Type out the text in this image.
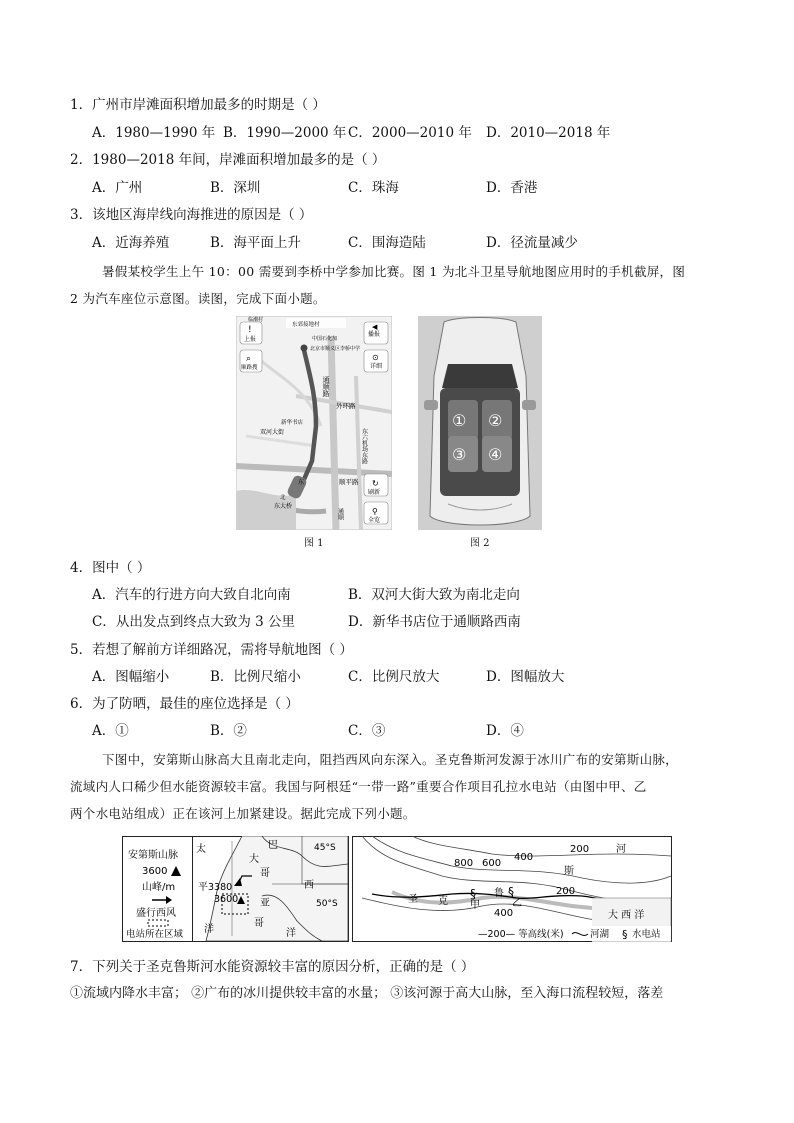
1．广州市岸滩面积增加最多的时期是（ ）
A．1980—1990 年 B．1990—2000 年 C．2000—2010 年 D．2010—2018 年
2．1980—2018 年间，岸滩面积增加最多的是（ ）
A．广州	B．深圳	C．珠海	D．香港
3．该地区海岸线向海推进的原因是（ ）
A．近海养殖	B．海平面上升	C．围海造陆	D．径流量减少
暑假某校学生上午 10：00 需要到李桥中学参加比赛。图 1 为北斗卫星导航地图应用时的手机截屏，图
2 为汽车座位示意图。读图，完成下面小题。
临潮村
上报
!
⌕
顺路搜
东郊接地村
中国石化加
北京市顺义区李桥中学
播报
◀
详细
⊙
通顺路
外环路
新华书店
双河大街	东六机场东路
顺平路
东
北
东大桥
通顺
↻
刷新
⚲
全览
图 1
① ②
③ ④
图 2
4．图中（ ）
A．汽车的行进方向大致自北向南	B．双河大街大致为南北走向
C．从出发点到终点大致为 3 公里	D．新华书店位于通顺路西南
5．若想了解前方详细路况，需将导航地图（ ）
A．图幅缩小	B．比例尺缩小	C．比例尺放大	D．图幅放大
6．为了防晒，最佳的座位选择是（ ）
A．①	B．②	C．③	D．④
下图中，安第斯山脉高大且南北走向，阻挡西风向东深入。圣克鲁斯河发源于冰川广布的安第斯山脉，
流域内人口稀少但水能资源较丰富。我国与阿根廷“一带一路”重要合作项目孔拉水电站（由图中甲、乙
两个水电站组成）正在该河上加紧建设。据此完成下列小题。
安第斯山脉
3600
山峰/m
盛行西风
电站所在区域
太
平
洋
巴	45°S
西
50°S
洋
3380
3600 亚
哥
大
哥
800 600
400
200
200
400
河
斯
圣 克
鲁
甲	乙
大 西 洋
§	§
—200— 等高线(米)	河湖 § 水电站
7．下列关于圣克鲁斯河水能资源较丰富的原因分析，正确的是（ ）
①流域内降水丰富； ②广布的冰川提供较丰富的水量； ③该河源于高大山脉，至入海口流程较短，落差
